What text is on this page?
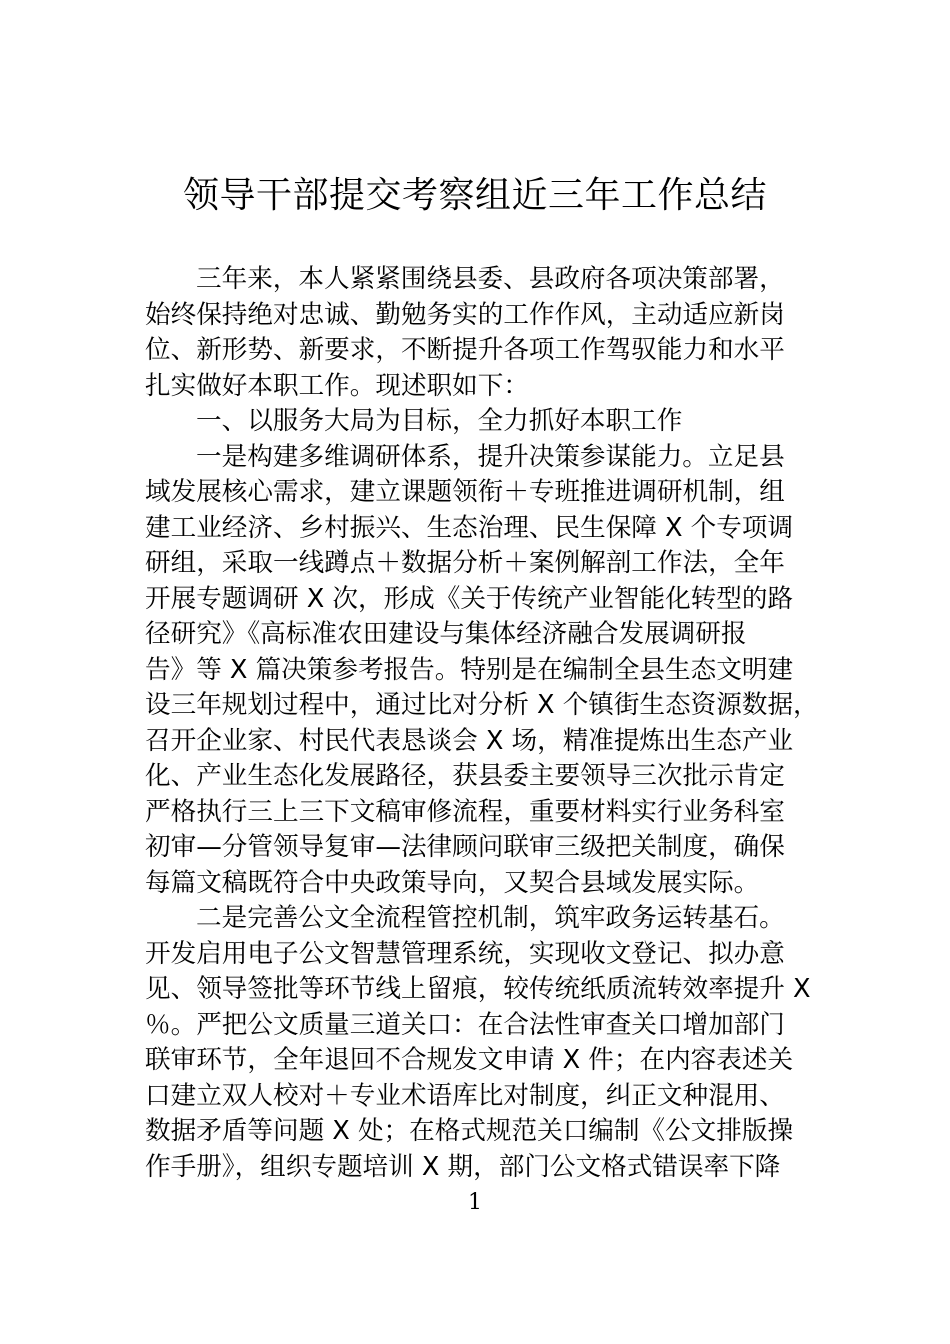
领导干部提交考察组近三年工作总结
三年来，本人紧紧围绕县委、县政府各项决策部署，
始终保持绝对忠诚、勤勉务实的工作作风，主动适应新岗
位、新形势、新要求，不断提升各项工作驾驭能力和水平
扎实做好本职工作。现述职如下：
一、以服务大局为目标，全力抓好本职工作
一是构建多维调研体系，提升决策参谋能力。立足县
域发展核心需求，建立课题领衔＋专班推进调研机制，组
建工业经济、乡村振兴、生态治理、民生保障 X 个专项调
研组，采取一线蹲点＋数据分析＋案例解剖工作法，全年
开展专题调研 X 次，形成《关于传统产业智能化转型的路
径研究》《高标准农田建设与集体经济融合发展调研报
告》等 X 篇决策参考报告。特别是在编制全县生态文明建
设三年规划过程中，通过比对分析 X 个镇街生态资源数据，
召开企业家、村民代表恳谈会 X 场，精准提炼出生态产业
化、产业生态化发展路径，获县委主要领导三次批示肯定
严格执行三上三下文稿审修流程，重要材料实行业务科室
初审—分管领导复审—法律顾问联审三级把关制度，确保
每篇文稿既符合中央政策导向，又契合县域发展实际。
二是完善公文全流程管控机制，筑牢政务运转基石。
开发启用电子公文智慧管理系统，实现收文登记、拟办意
见、领导签批等环节线上留痕，较传统纸质流转效率提升 X
％。严把公文质量三道关口：在合法性审查关口增加部门
联审环节，全年退回不合规发文申请 X 件；在内容表述关
口建立双人校对＋专业术语库比对制度，纠正文种混用、
数据矛盾等问题 X 处；在格式规范关口编制《公文排版操
作手册》，组织专题培训 X 期，部门公文格式错误率下降
1
